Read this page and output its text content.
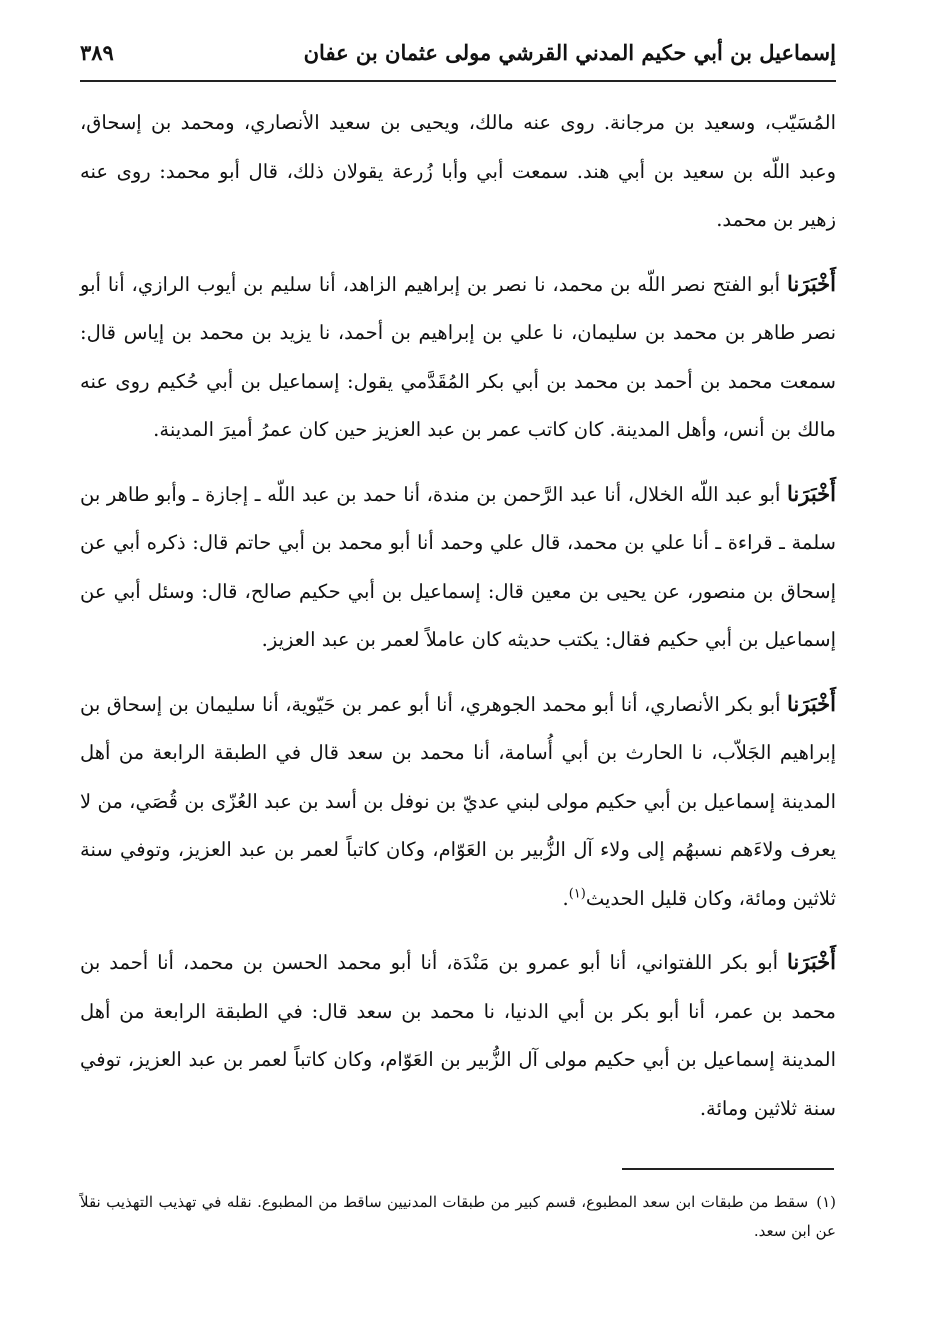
إسماعيل بن أبي حكيم المدني القرشي مولى عثمان بن عفان
٣٨٩

المُسَيّب، وسعيد بن مرجانة. روى عنه مالك، ويحيى بن سعيد الأنصاري، ومحمد بن إسحاق، وعبد اللّه بن سعيد بن أبي هند. سمعت أبي وأبا زُرعة يقولان ذلك، قال أبو محمد: روى عنه زهير بن محمد.

أَخْبَرَنا أبو الفتح نصر اللّه بن محمد، نا نصر بن إبراهيم الزاهد، أنا سليم بن أيوب الرازي، أنا أبو نصر طاهر بن محمد بن سليمان، نا علي بن إبراهيم بن أحمد، نا يزيد بن محمد بن إياس قال: سمعت محمد بن أحمد بن محمد بن أبي بكر المُقَدَّمي يقول: إسماعيل بن أبي حُكيم روى عنه مالك بن أنس، وأهل المدينة. كان كاتب عمر بن عبد العزيز حين كان عمرُ أميرَ المدينة.

أَخْبَرَنا أبو عبد اللّه الخلال، أنا عبد الرَّحمن بن مندة، أنا حمد بن عبد اللّه ـ إجازة ـ وأبو طاهر بن سلمة ـ قراءة ـ أنا علي بن محمد، قال علي وحمد أنا أبو محمد بن أبي حاتم قال: ذكره أبي عن إسحاق بن منصور، عن يحيى بن معين قال: إسماعيل بن أبي حكيم صالح، قال: وسئل أبي عن إسماعيل بن أبي حكيم فقال: يكتب حديثه كان عاملاً لعمر بن عبد العزيز.

أَخْبَرَنا أبو بكر الأنصاري، أنا أبو محمد الجوهري، أنا أبو عمر بن حَيّوية، أنا سليمان بن إسحاق بن إبراهيم الجَلاّب، نا الحارث بن أبي أُسامة، أنا محمد بن سعد قال في الطبقة الرابعة من أهل المدينة إسماعيل بن أبي حكيم مولى لبني عديّ بن نوفل بن أسد بن عبد العُزّى بن قُصَي، من لا يعرف ولاءَهم نسبهُم إلى ولاء آل الزُّبير بن العَوّام، وكان كاتباً لعمر بن عبد العزيز، وتوفي سنة ثلاثين ومائة، وكان قليل الحديث$^{(١)}$.

أَخْبَرَنا أبو بكر اللفتواني، أنا أبو عمرو بن مَنْدَة، أنا أبو محمد الحسن بن محمد، أنا أحمد بن محمد بن عمر، أنا أبو بكر بن أبي الدنيا، نا محمد بن سعد قال: في الطبقة الرابعة من أهل المدينة إسماعيل بن أبي حكيم مولى آل الزُّبير بن العَوّام، وكان كاتباً لعمر بن عبد العزيز، توفي سنة ثلاثين ومائة.

(١)سقط من طبقات ابن سعد المطبوع، قسم كبير من طبقات المدنيين ساقط من المطبوع. نقله في تهذيب التهذيب نقلاً عن ابن سعد.
